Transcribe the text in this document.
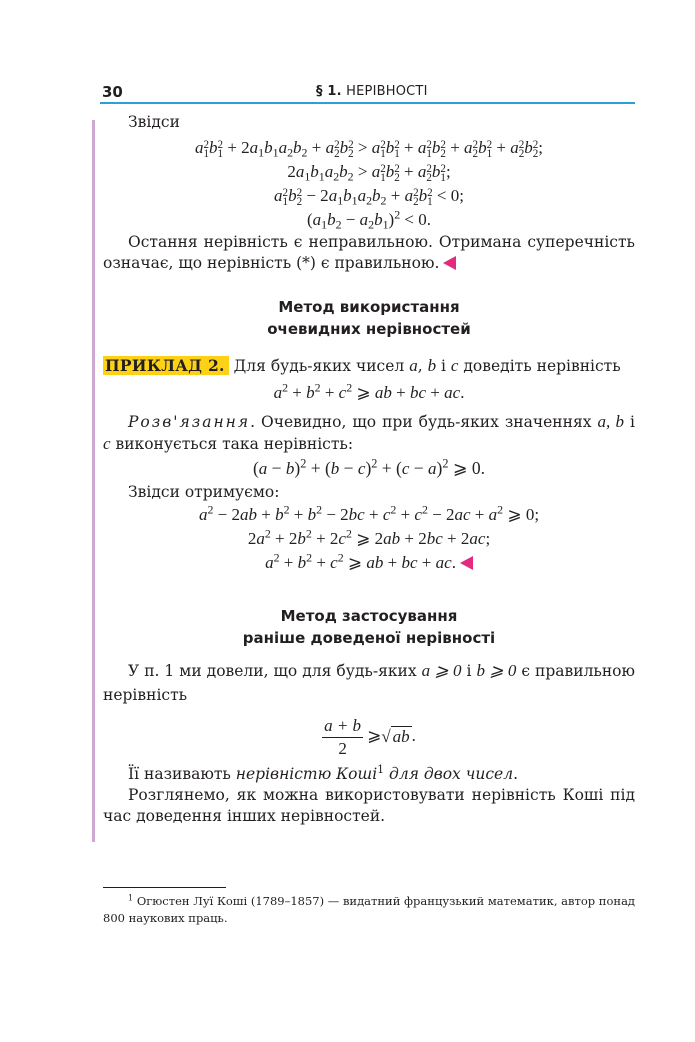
30	§ 1. НЕРІВНОСТІ

Звідси

a 2
1 b 2
$1 + 2a_1b_1a_2b_2 + a$ 2
2 b 2
2 > a 2
1 b 2
1 + a 2
1 b 2
2 + a 2
2 b 2
1 + a 2
2 b 2
2 ;

$2a_1b_1a_2b_2 > a$ 2
1 b 2
2 + a 2
2 b 2
1 ;

a 2
1 b 2
$2 - 2a_1b_1a_2b_2 + a$ 2
2 b 2
1 < 0;

$(a_1b_2 - a_2b_1)^2 < 0$.

Остання нерівність є неправильною. Отримана суперечність означає, що нерівність (*) є правильною.

Метод використання

очевидних нерівностей

ПРИКЛАД 2. Для будь-яких чисел a, b і c доведіть нерівність

$a^2 + b^2 + c^2$ ⩾ ab + bc + ac.

Розв'язання. Очевидно, що при будь-яких значеннях a, b і c виконується така нерівність:

$(a - b)^2 + (b - c)^2 + (c - a)^2$ ⩾ 0.

Звідси отримуємо:

$a^2 - 2ab + b^2 + b^2 - 2bc + c^2 + c^2 - 2ac + a^2$ ⩾ 0;

$2a^2 + 2b^2 + 2c^2$ ⩾ 2ab + 2bc + 2ac;

$a^2 + b^2 + c^2$ ⩾ ab + bc + ac.

Метод застосування

раніше доведеної нерівності

У п. 1 ми довели, що для будь-яких a ⩾ 0 і b ⩾ 0 є правильною нерівність

$\frac{a + b}{2}$ ⩾√ ab .

Її називають нерівністю Коші$^1$ для двох чисел.

Розглянемо, як можна використовувати нерівність Коші під час доведення інших нерівностей.

$^1$ Огюстен Луї Коші (1789–1857) — видатний французький математик, автор понад 800 наукових праць.
